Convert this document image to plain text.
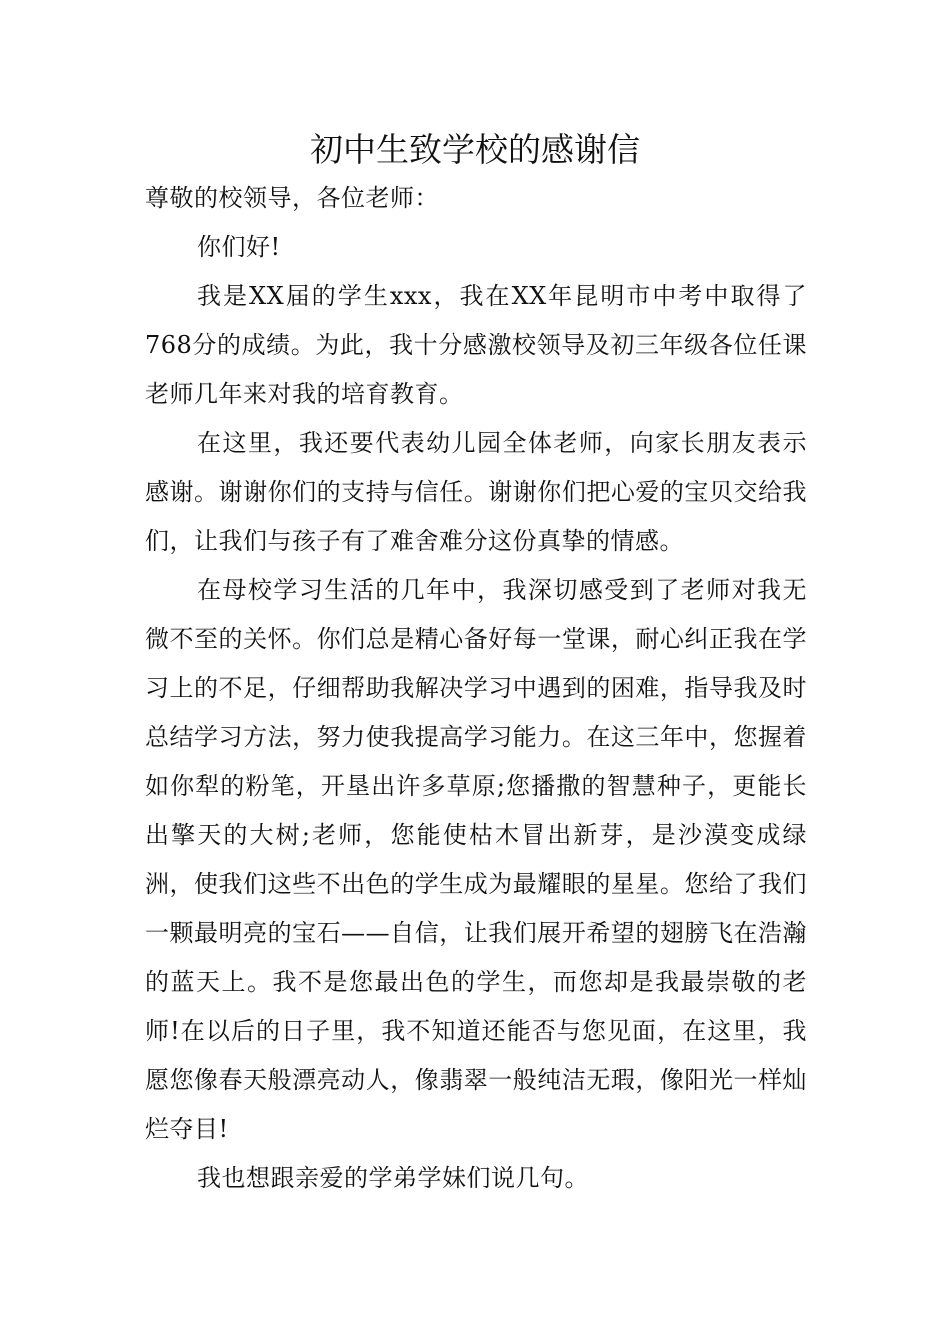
初中生致学校的感谢信

尊敬的校领导，各位老师：

你们好!

我是XX届的学生xxx，我在XX年昆明市中考中取得了768分的成绩。为此，我十分感激校领导及初三年级各位任课老师几年来对我的培育教育。

在这里，我还要代表幼儿园全体老师，向家长朋友表示感谢。谢谢你们的支持与信任。谢谢你们把心爱的宝贝交给我们，让我们与孩子有了难舍难分这份真挚的情感。

在母校学习生活的几年中，我深切感受到了老师对我无微不至的关怀。你们总是精心备好每一堂课，耐心纠正我在学习上的不足，仔细帮助我解决学习中遇到的困难，指导我及时总结学习方法，努力使我提高学习能力。在这三年中，您握着如你犁的粉笔，开垦出许多草原;您播撒的智慧种子，更能长出擎天的大树;老师，您能使枯木冒出新芽，是沙漠变成绿洲，使我们这些不出色的学生成为最耀眼的星星。您给了我们一颗最明亮的宝石——自信，让我们展开希望的翅膀飞在浩瀚的蓝天上。我不是您最出色的学生，而您却是我最崇敬的老师!在以后的日子里，我不知道还能否与您见面，在这里，我愿您像春天般漂亮动人，像翡翠一般纯洁无瑕，像阳光一样灿烂夺目!

我也想跟亲爱的学弟学妹们说几句。
